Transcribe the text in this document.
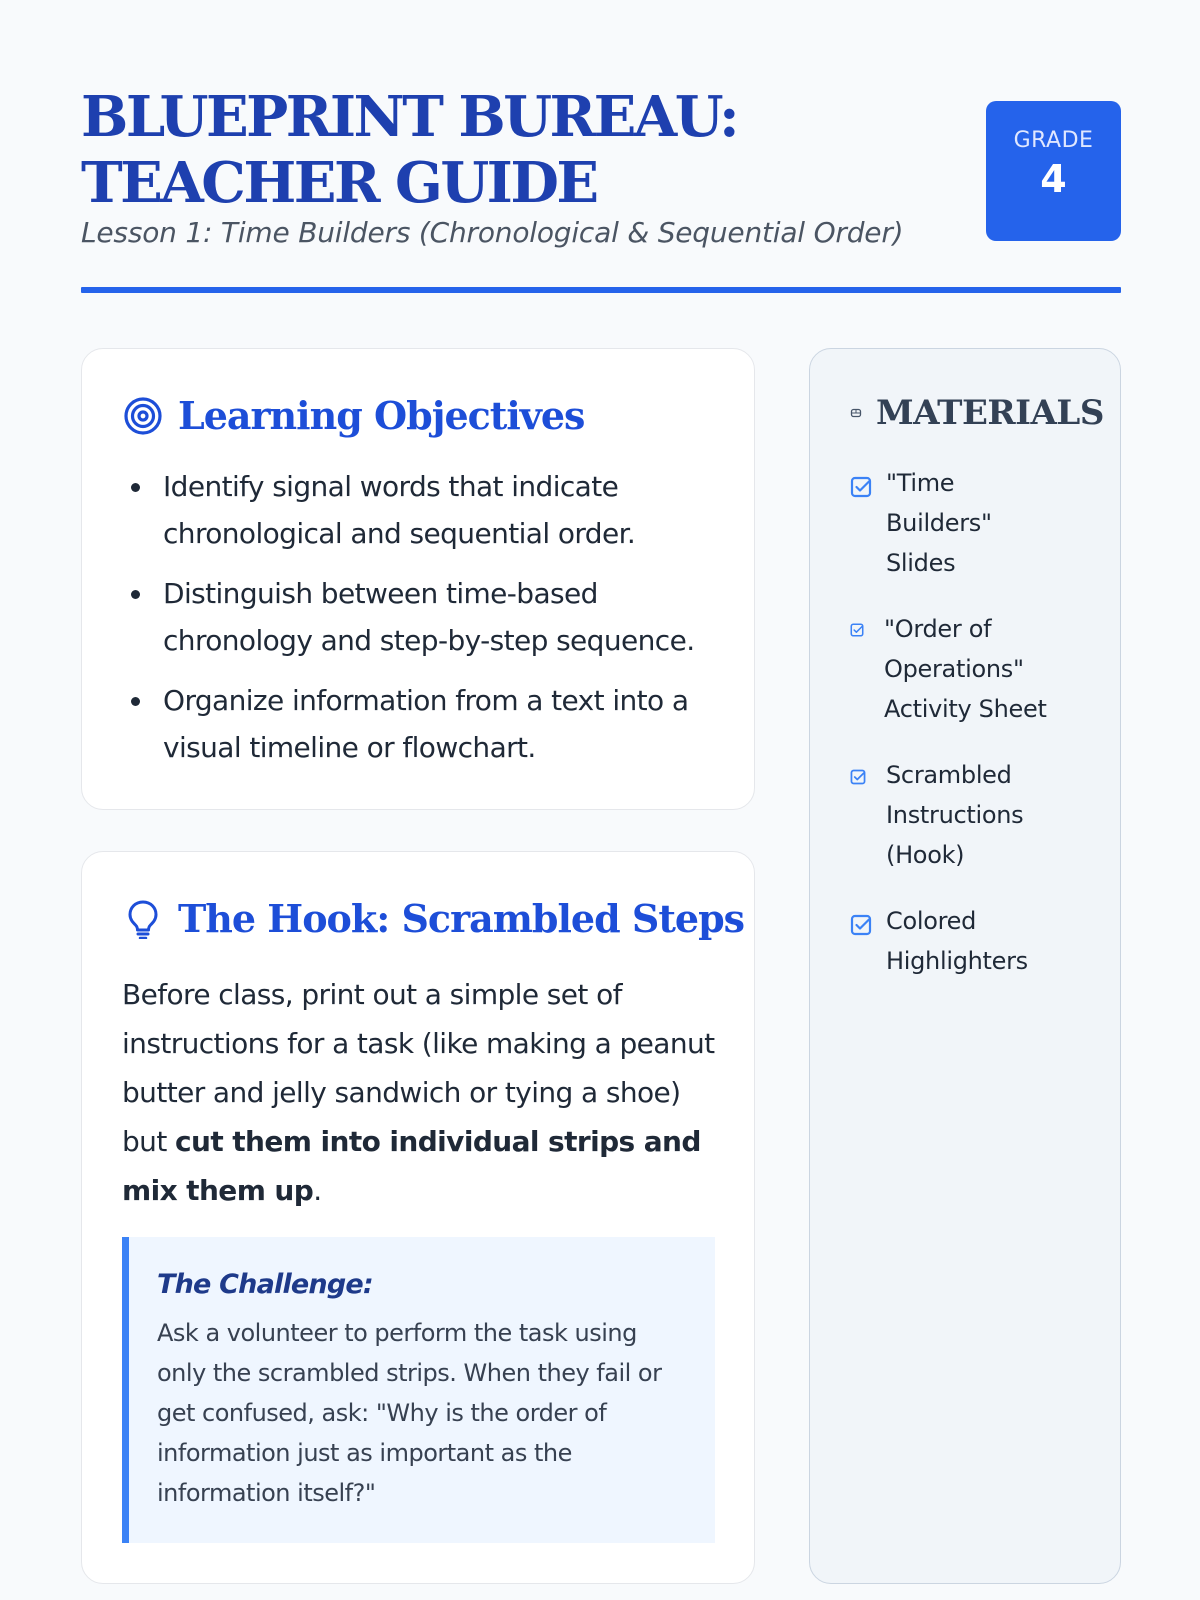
BLUEPRINT BUREAU: TEACHER GUIDE
Lesson 1: Time Builders (Chronological & Sequential Order)
GRADE
4
Learning Objectives
Identify signal words that indicate chronological and sequential order.
Distinguish between time-based chronology and step-by-step sequence.
Organize information from a text into a visual timeline or flowchart.
The Hook: Scrambled Steps

Before class, print out a simple set of instructions for a task (like making a peanut butter and jelly sandwich or tying a shoe) but cut them into individual strips and mix them up.

The Challenge:
Ask a volunteer to perform the task using only the scrambled strips. When they fail or get confused, ask: "Why is the order of information just as important as the information itself?"
MATERIALS
"Time Builders" Slides
"Order of Operations" Activity Sheet
Scrambled Instructions (Hook)
Colored Highlighters
